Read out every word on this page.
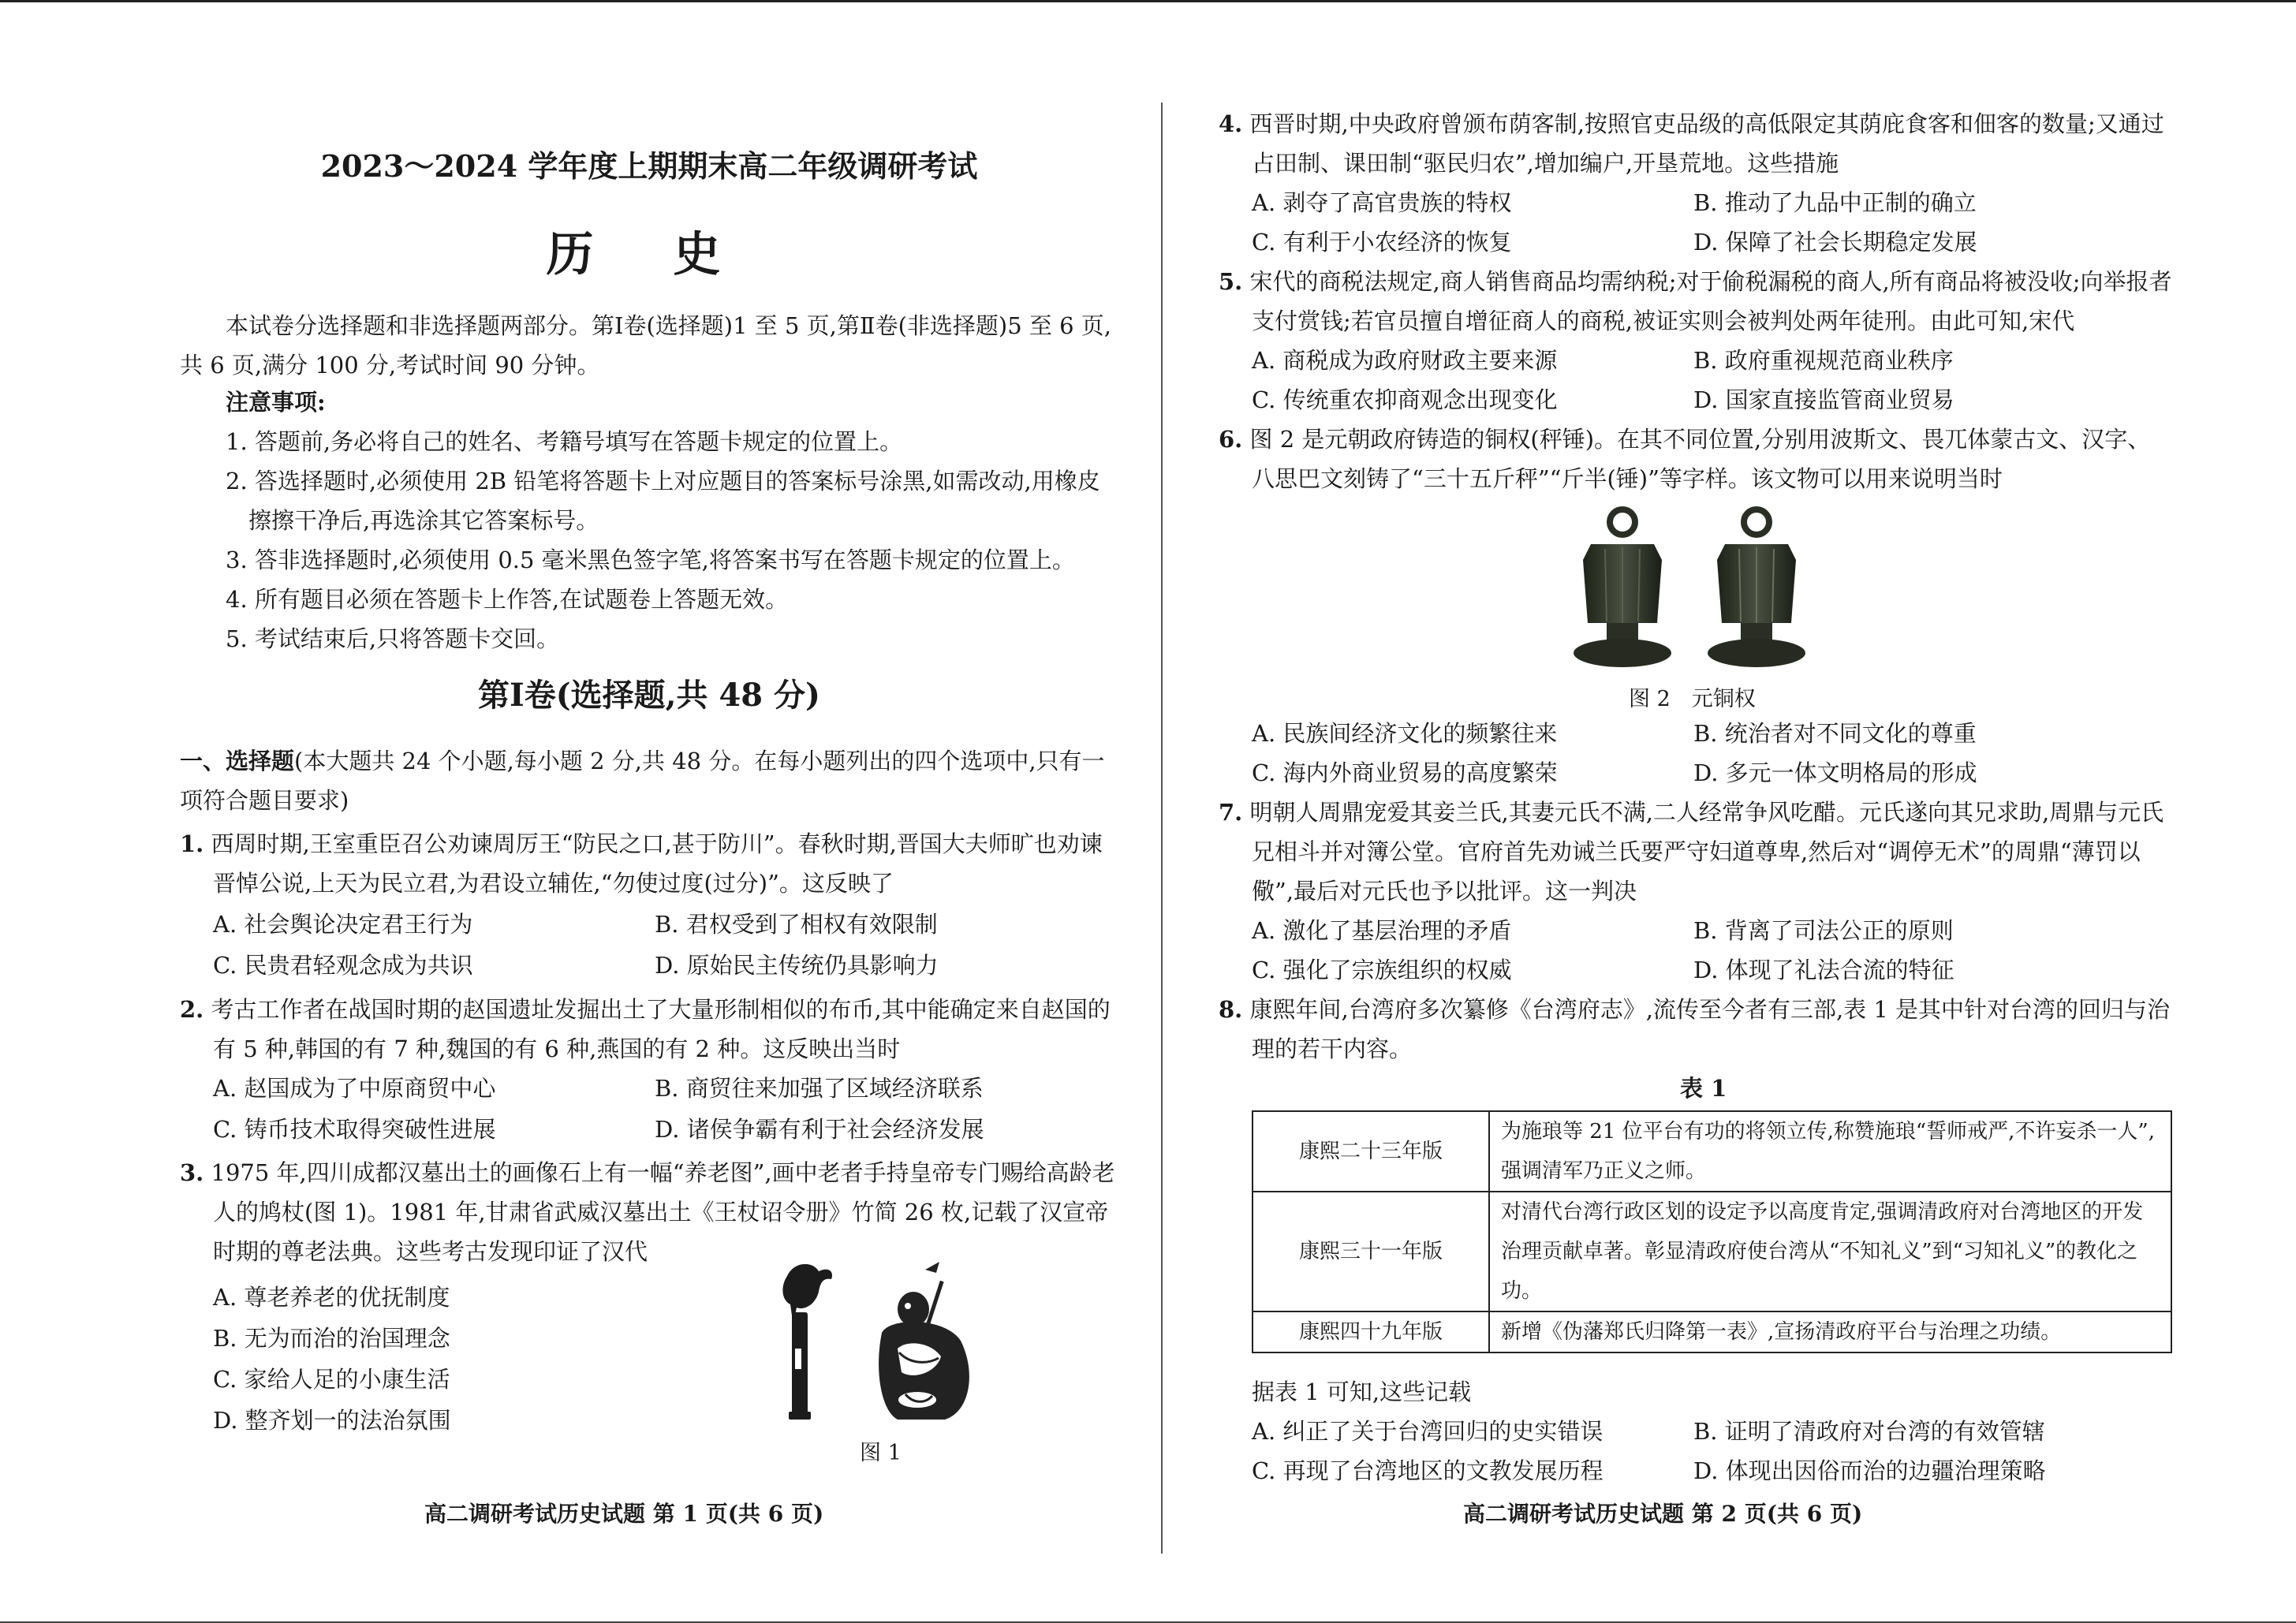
2023～2024 学年度上期期末高二年级调研考试
历 史
本试卷分选择题和非选择题两部分。第Ⅰ卷(选择题)1 至 5 页,第Ⅱ卷(非选择题)5 至 6 页,共 6 页,满分 100 分,考试时间 90 分钟。
注意事项:
1. 答题前,务必将自己的姓名、考籍号填写在答题卡规定的位置上。
2. 答选择题时,必须使用 2B 铅笔将答题卡上对应题目的答案标号涂黑,如需改动,用橡皮擦擦干净后,再选涂其它答案标号。
3. 答非选择题时,必须使用 0.5 毫米黑色签字笔,将答案书写在答题卡规定的位置上。
4. 所有题目必须在答题卡上作答,在试题卷上答题无效。
5. 考试结束后,只将答题卡交回。
第Ⅰ卷(选择题,共 48 分)
一、选择题(本大题共 24 个小题,每小题 2 分,共 48 分。在每小题列出的四个选项中,只有一项符合题目要求)
1. 西周时期,王室重臣召公劝谏周厉王“防民之口,甚于防川”。春秋时期,晋国大夫师旷也劝谏晋悼公说,上天为民立君,为君设立辅佐,“勿使过度(过分)”。这反映了
A. 社会舆论决定君王行为	B. 君权受到了相权有效限制
C. 民贵君轻观念成为共识	D. 原始民主传统仍具影响力
2. 考古工作者在战国时期的赵国遗址发掘出土了大量形制相似的布币,其中能确定来自赵国的有 5 种,韩国的有 7 种,魏国的有 6 种,燕国的有 2 种。这反映出当时
A. 赵国成为了中原商贸中心	B. 商贸往来加强了区域经济联系
C. 铸币技术取得突破性进展	D. 诸侯争霸有利于社会经济发展
3. 1975 年,四川成都汉墓出土的画像石上有一幅“养老图”,画中老者手持皇帝专门赐给高龄老人的鸠杖(图 1)。1981 年,甘肃省武威汉墓出土《王杖诏令册》竹简 26 枚,记载了汉宣帝时期的尊老法典。这些考古发现印证了汉代
A. 尊老养老的优抚制度
B. 无为而治的治国理念
C. 家给人足的小康生活
D. 整齐划一的法治氛围
图 1
高二调研考试历史试题 第 1 页(共 6 页)
4. 西晋时期,中央政府曾颁布荫客制,按照官吏品级的高低限定其荫庇食客和佃客的数量;又通过占田制、课田制“驱民归农”,增加编户,开垦荒地。这些措施
A. 剥夺了高官贵族的特权	B. 推动了九品中正制的确立
C. 有利于小农经济的恢复	D. 保障了社会长期稳定发展
5. 宋代的商税法规定,商人销售商品均需纳税;对于偷税漏税的商人,所有商品将被没收;向举报者支付赏钱;若官员擅自增征商人的商税,被证实则会被判处两年徒刑。由此可知,宋代
A. 商税成为政府财政主要来源	B. 政府重视规范商业秩序
C. 传统重农抑商观念出现变化	D. 国家直接监管商业贸易
6. 图 2 是元朝政府铸造的铜权(秤锤)。在其不同位置,分别用波斯文、畏兀体蒙古文、汉字、八思巴文刻铸了“三十五斤秤”“斤半(锤)”等字样。该文物可以用来说明当时
图 2　元铜权
A. 民族间经济文化的频繁往来	B. 统治者对不同文化的尊重
C. 海内外商业贸易的高度繁荣	D. 多元一体文明格局的形成
7. 明朝人周鼎宠爱其妾兰氏,其妻元氏不满,二人经常争风吃醋。元氏遂向其兄求助,周鼎与元氏兄相斗并对簿公堂。官府首先劝诫兰氏要严守妇道尊卑,然后对“调停无术”的周鼎“薄罚以儆”,最后对元氏也予以批评。这一判决
A. 激化了基层治理的矛盾	B. 背离了司法公正的原则
C. 强化了宗族组织的权威	D. 体现了礼法合流的特征
8. 康熙年间,台湾府多次纂修《台湾府志》,流传至今者有三部,表 1 是其中针对台湾的回归与治理的若干内容。
表 1
康熙二十三年版	为施琅等 21 位平台有功的将领立传,称赞施琅“誓师戒严,不许妄杀一人”,强调清军乃正义之师。
康熙三十一年版	对清代台湾行政区划的设定予以高度肯定,强调清政府对台湾地区的开发治理贡献卓著。彰显清政府使台湾从“不知礼义”到“习知礼义”的教化之功。
康熙四十九年版	新增《伪藩郑氏归降第一表》,宣扬清政府平台与治理之功绩。
据表 1 可知,这些记载
A. 纠正了关于台湾回归的史实错误	B. 证明了清政府对台湾的有效管辖
C. 再现了台湾地区的文教发展历程	D. 体现出因俗而治的边疆治理策略
高二调研考试历史试题 第 2 页(共 6 页)
